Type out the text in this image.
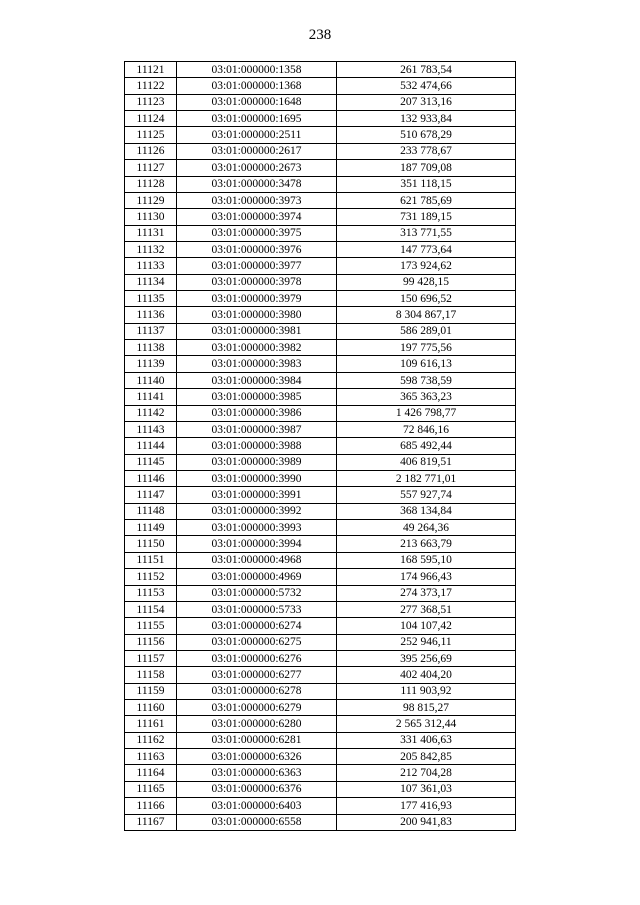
238
11121	03:01:000000:1358	261 783,54
11122	03:01:000000:1368	532 474,66
11123	03:01:000000:1648	207 313,16
11124	03:01:000000:1695	132 933,84
11125	03:01:000000:2511	510 678,29
11126	03:01:000000:2617	233 778,67
11127	03:01:000000:2673	187 709,08
11128	03:01:000000:3478	351 118,15
11129	03:01:000000:3973	621 785,69
11130	03:01:000000:3974	731 189,15
11131	03:01:000000:3975	313 771,55
11132	03:01:000000:3976	147 773,64
11133	03:01:000000:3977	173 924,62
11134	03:01:000000:3978	99 428,15
11135	03:01:000000:3979	150 696,52
11136	03:01:000000:3980	8 304 867,17
11137	03:01:000000:3981	586 289,01
11138	03:01:000000:3982	197 775,56
11139	03:01:000000:3983	109 616,13
11140	03:01:000000:3984	598 738,59
11141	03:01:000000:3985	365 363,23
11142	03:01:000000:3986	1 426 798,77
11143	03:01:000000:3987	72 846,16
11144	03:01:000000:3988	685 492,44
11145	03:01:000000:3989	406 819,51
11146	03:01:000000:3990	2 182 771,01
11147	03:01:000000:3991	557 927,74
11148	03:01:000000:3992	368 134,84
11149	03:01:000000:3993	49 264,36
11150	03:01:000000:3994	213 663,79
11151	03:01:000000:4968	168 595,10
11152	03:01:000000:4969	174 966,43
11153	03:01:000000:5732	274 373,17
11154	03:01:000000:5733	277 368,51
11155	03:01:000000:6274	104 107,42
11156	03:01:000000:6275	252 946,11
11157	03:01:000000:6276	395 256,69
11158	03:01:000000:6277	402 404,20
11159	03:01:000000:6278	111 903,92
11160	03:01:000000:6279	98 815,27
11161	03:01:000000:6280	2 565 312,44
11162	03:01:000000:6281	331 406,63
11163	03:01:000000:6326	205 842,85
11164	03:01:000000:6363	212 704,28
11165	03:01:000000:6376	107 361,03
11166	03:01:000000:6403	177 416,93
11167	03:01:000000:6558	200 941,83
